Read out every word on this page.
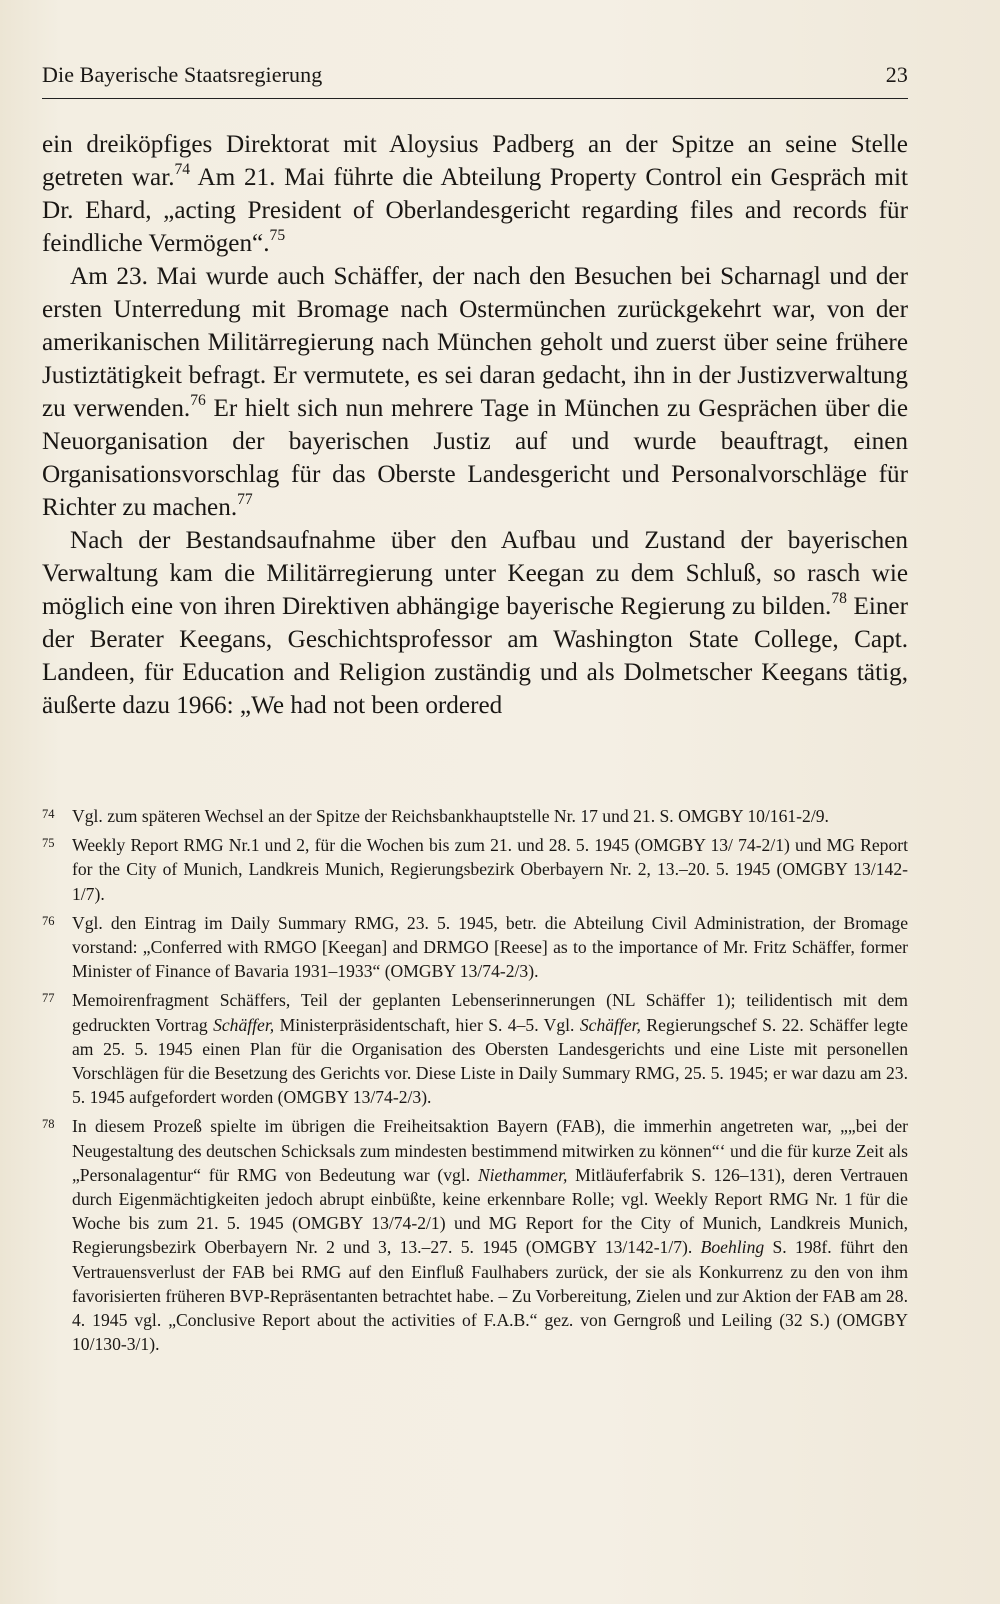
Die Bayerische Staatsregierung	23

ein dreiköpfiges Direktorat mit Aloysius Padberg an der Spitze an seine Stelle getreten war.$^{74}$ Am 21. Mai führte die Abteilung Property Control ein Gespräch mit Dr. Ehard, „acting President of Oberlandesgericht regarding files and records für feindliche Vermögen“.$^{75}$

Am 23. Mai wurde auch Schäffer, der nach den Besuchen bei Scharnagl und der ersten Unterredung mit Bromage nach Ostermünchen zurückgekehrt war, von der amerikanischen Militärregierung nach München geholt und zuerst über seine frühere Justiztätigkeit befragt. Er vermutete, es sei daran gedacht, ihn in der Justizverwaltung zu verwenden.$^{76}$ Er hielt sich nun mehrere Tage in München zu Gesprächen über die Neuorganisation der bayerischen Justiz auf und wurde beauftragt, einen Organisationsvorschlag für das Oberste Landesgericht und Personalvorschläge für Richter zu machen.$^{77}$

Nach der Bestandsaufnahme über den Aufbau und Zustand der bayerischen Verwaltung kam die Militärregierung unter Keegan zu dem Schluß, so rasch wie möglich eine von ihren Direktiven abhängige bayerische Regierung zu bilden.$^{78}$ Einer der Berater Keegans, Geschichtsprofessor am Washington State College, Capt. Landeen, für Education and Religion zuständig und als Dolmetscher Keegans tätig, äußerte dazu 1966: „We had not been ordered

74 Vgl. zum späteren Wechsel an der Spitze der Reichsbankhauptstelle Nr. 17 und 21. S. OMGBY 10/161-2/9.
75 Weekly Report RMG Nr.1 und 2, für die Wochen bis zum 21. und 28. 5. 1945 (OMGBY 13/ 74-2/1) und MG Report for the City of Munich, Landkreis Munich, Regierungsbezirk Oberbayern Nr. 2, 13.–20. 5. 1945 (OMGBY 13/142-1/7).
76 Vgl. den Eintrag im Daily Summary RMG, 23. 5. 1945, betr. die Abteilung Civil Administration, der Bromage vorstand: „Conferred with RMGO [Keegan] and DRMGO [Reese] as to the importance of Mr. Fritz Schäffer, former Minister of Finance of Bavaria 1931–1933“ (OMGBY 13/74-2/3).
77 Memoirenfragment Schäffers, Teil der geplanten Lebenserinnerungen (NL Schäffer 1); teilidentisch mit dem gedruckten Vortrag Schäffer, Ministerpräsidentschaft, hier S. 4–5. Vgl. Schäffer, Regierungschef S. 22. Schäffer legte am 25. 5. 1945 einen Plan für die Organisation des Obersten Landesgerichts und eine Liste mit personellen Vorschlägen für die Besetzung des Gerichts vor. Diese Liste in Daily Summary RMG, 25. 5. 1945; er war dazu am 23. 5. 1945 aufgefordert worden (OMGBY 13/74-2/3).
78 In diesem Prozeß spielte im übrigen die Freiheitsaktion Bayern (FAB), die immerhin angetreten war, „„bei der Neugestaltung des deutschen Schicksals zum mindesten bestimmend mitwirken zu können“‘ und die für kurze Zeit als „Personalagentur“ für RMG von Bedeutung war (vgl. Niethammer, Mitläuferfabrik S. 126–131), deren Vertrauen durch Eigenmächtigkeiten jedoch abrupt einbüßte, keine erkennbare Rolle; vgl. Weekly Report RMG Nr. 1 für die Woche bis zum 21. 5. 1945 (OMGBY 13/74-2/1) und MG Report for the City of Munich, Landkreis Munich, Regierungsbezirk Oberbayern Nr. 2 und 3, 13.–27. 5. 1945 (OMGBY 13/142-1/7). Boehling S. 198f. führt den Vertrauensverlust der FAB bei RMG auf den Einfluß Faulhabers zurück, der sie als Konkurrenz zu den von ihm favorisierten früheren BVP-Repräsentanten betrachtet habe. – Zu Vorbereitung, Zielen und zur Aktion der FAB am 28. 4. 1945 vgl. „Conclusive Report about the activities of F.A.B.“ gez. von Gerngroß und Leiling (32 S.) (OMGBY 10/130-3/1).
